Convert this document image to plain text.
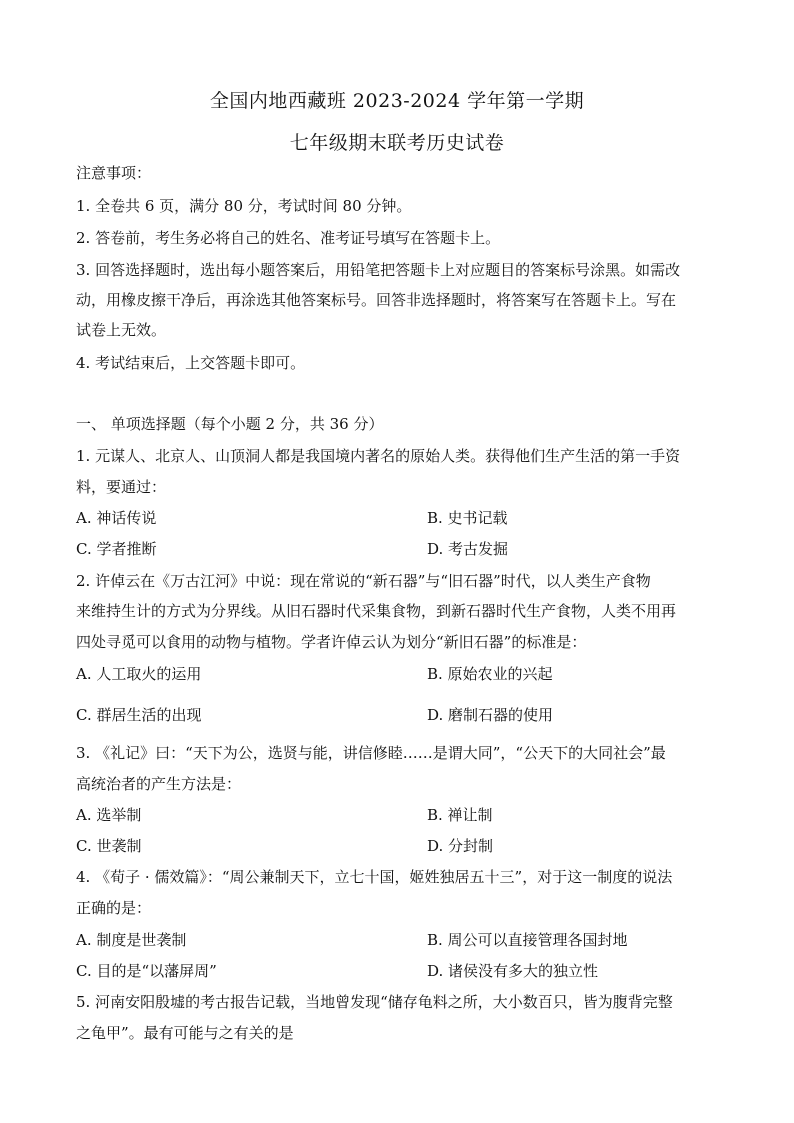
全国内地西藏班 2023-2024 学年第一学期
七年级期末联考历史试卷
注意事项：
1. 全卷共 6 页，满分 80 分，考试时间 80 分钟。
2. 答卷前，考生务必将自己的姓名、准考证号填写在答题卡上。
3. 回答选择题时，选出每小题答案后，用铅笔把答题卡上对应题目的答案标号涂黑。如需改
动，用橡皮擦干净后，再涂选其他答案标号。回答非选择题时，将答案写在答题卡上。写在
试卷上无效。
4. 考试结束后，上交答题卡即可。
一、 单项选择题（每个小题 2 分，共 36 分）
1. 元谋人、北京人、山顶洞人都是我国境内著名的原始人类。获得他们生产生活的第一手资
料，要通过：
A. 神话传说	B. 史书记载
C. 学者推断	D. 考古发掘
2. 许倬云在《万古江河》中说：现在常说的“新石器”与“旧石器”时代，以人类生产食物
来维持生计的方式为分界线。从旧石器时代采集食物，到新石器时代生产食物，人类不用再
四处寻觅可以食用的动物与植物。学者许倬云认为划分“新旧石器”的标准是：
A. 人工取火的运用	B. 原始农业的兴起
C. 群居生活的出现	D. 磨制石器的使用
3. 《礼记》曰：“天下为公，选贤与能，讲信修睦……是谓大同”，“公天下的大同社会”最
高统治者的产生方法是：
A. 选举制	B. 禅让制
C. 世袭制	D. 分封制
4. 《荀子 · 儒效篇》：“周公兼制天下，立七十国，姬姓独居五十三”，对于这一制度的说法
正确的是：
A. 制度是世袭制	B. 周公可以直接管理各国封地
C. 目的是“以藩屏周”	D. 诸侯没有多大的独立性
5. 河南安阳殷墟的考古报告记载，当地曾发现“储存龟料之所，大小数百只，皆为腹背完整
之龟甲”。最有可能与之有关的是
